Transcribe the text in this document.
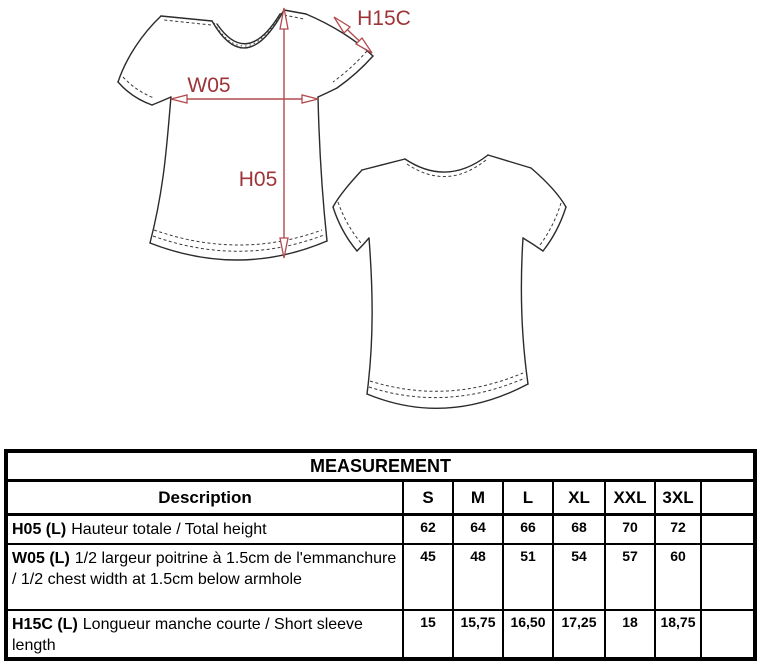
W05
H05
H15C
MEASUREMENT							
Description	S	M	L	XL	XXL	3XL	
H05 (L) Hauteur totale / Total height	62	64	66	68	70	72	
W05 (L) 1/2 largeur poitrine à 1.5cm de l'emmanchure / 1/2 chest width at 1.5cm below armhole	45	48	51	54	57	60	
H15C (L) Longueur manche courte / Short sleeve length	15	15,75	16,50	17,25	18	18,75	
